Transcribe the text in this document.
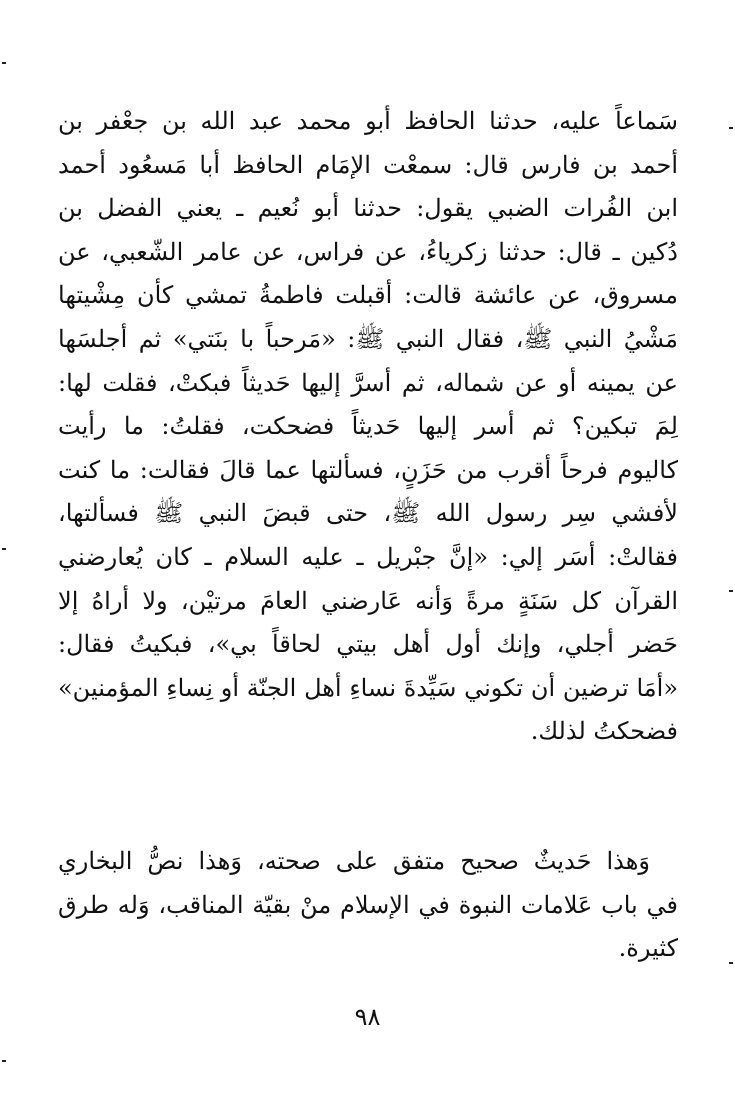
سَماعاً عليه، حدثنا الحافظ أبو محمد عبد الله بن جعْفر بن
أحمد بن فارس قال: سمعْت الإمَام الحافظ أبا مَسعُود أحمد
ابن الفُرات الضبي يقول: حدثنا أبو نُعيم ـ يعني الفضل بن
دُكين ـ قال: حدثنا زكرياءُ، عن فراس، عن عامر الشّعبي، عن
مسروق، عن عائشة قالت: أقبلت فاطمةُ تمشي كأن مِشْيتها
مَشْيُ النبي ﷺ، فقال النبي ﷺ: «مَرحباً با بنَتي» ثم أجلسَها
عن يمينه أو عن شماله، ثم أسرَّ إليها حَديثاً فبكتْ، فقلت لها:
لِمَ تبكين؟ ثم أسر إليها حَديثاً فضحكت، فقلتُ: ما رأيت
كاليوم فرحاً أقرب من حَزَنٍ، فسألتها عما قالَ فقالت: ما كنت
لأفشي سِر رسول الله ﷺ، حتى قبضَ النبي ﷺ فسألتها،
فقالتْ: أسَر إلي: «إنَّ جبْريل ـ عليه السلام ـ كان يُعارضني
القرآن كل سَنَةٍ مرةً وَأنه عَارضني العامَ مرتيْن، ولا أراهُ إلا
حَضر أجلي، وإنك أول أهل بيتي لحاقاً بي»، فبكيتُ فقال:
«أمَا ترضين أن تكوني سَيِّدةَ نساءِ أهل الجنّة أو نِساءِ المؤمنين»
فضحكتُ لذلك.
وَهذا حَديثٌ صحيح متفق على صحته، وَهذا نصُّ البخاري
في باب عَلامات النبوة في الإسلام منْ بقيّة المناقب، وَله طرق
كثيرة.
٩٨
